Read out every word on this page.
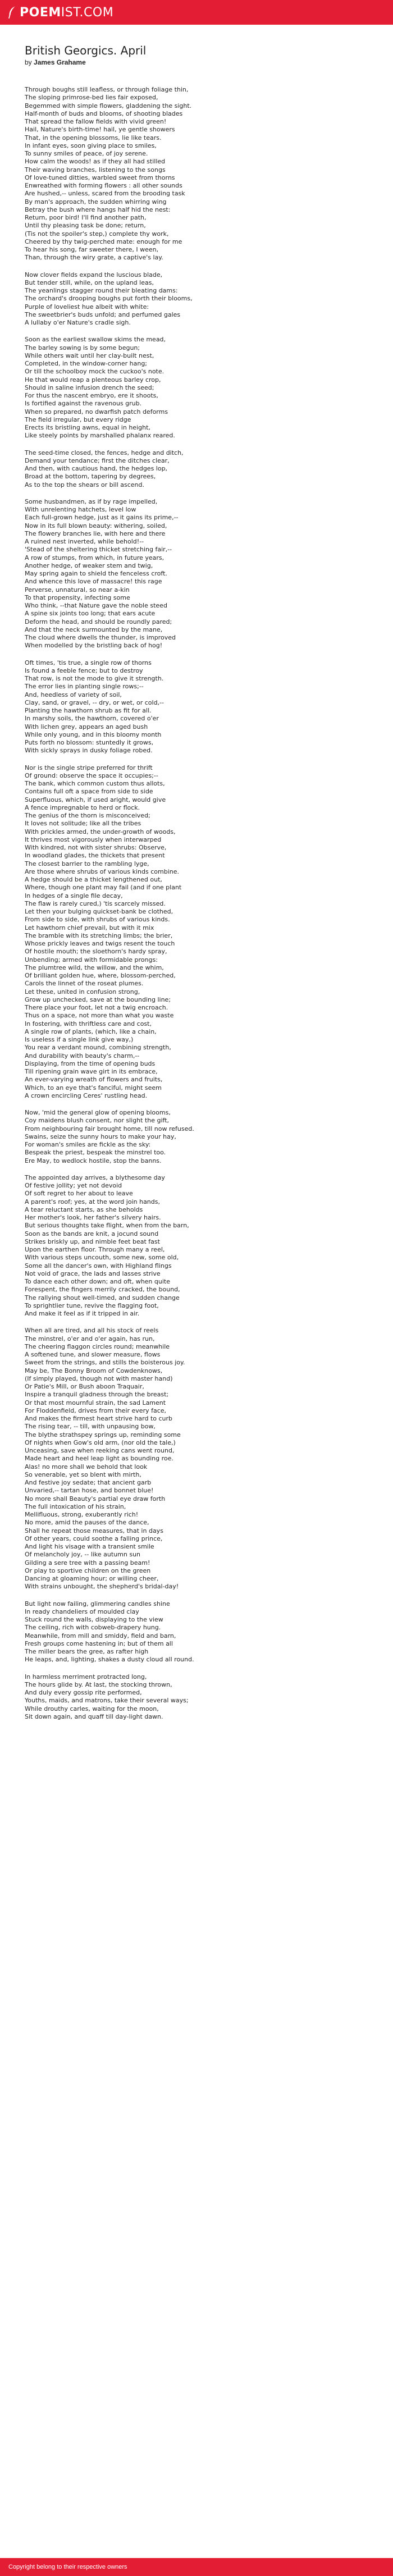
POEMIST.COM
British Georgics. April

by James Grahame

Through boughs still leafless, or through foliage thin,
The sloping primrose-bed lies fair exposed,
Begemmed with simple flowers, gladdening the sight.
Half-month of buds and blooms, of shooting blades
That spread the fallow fields with vivid green!
Hail, Nature's birth-time! hail, ye gentle showers
That, in the opening blossoms, lie like tears.
In infant eyes, soon giving place to smiles,
To sunny smiles of peace, of joy serene.
How calm the woods! as if they all had stilled
Their waving branches, listening to the songs
Of love-tuned ditties, warbled sweet from thorns
Enwreathed with forming flowers : all other sounds
Are hushed,-- unless, scared from the brooding task
By man's approach, the sudden whirring wing
Betray the bush where hangs half hid the nest:
Return, poor bird! I'll find another path,
Until thy pleasing task be done; return,
(Tis not the spoiler's step,) complete thy work,
Cheered by thy twig-perched mate: enough for me
To hear his song, far sweeter there, I ween,
Than, through the wiry grate, a captive's lay.
Now clover fields expand the luscious blade,
But tender still, while, on the upland leas,
The yeanlings stagger round their bleating dams:
The orchard's drooping boughs put forth their blooms,
Purple of loveliest hue albeit with white:
The sweetbrier's buds unfold; and perfumed gales
A lullaby o'er Nature's cradle sigh.
Soon as the earliest swallow skims the mead,
The barley sowing is by some begun;
While others wait until her clay-built nest,
Completed, in the window-corner hang;
Or till the schoolboy mock the cuckoo's note.
He that would reap a plenteous barley crop,
Should in saline infusion drench the seed;
For thus the nascent embryo, ere it shoots,
Is fortified against the ravenous grub.
When so prepared, no dwarfish patch deforms
The field irregular, but every ridge
Erects its bristling awns, equal in height,
Like steely points by marshalled phalanx reared.
The seed-time closed, the fences, hedge and ditch,
Demand your tendance; first the ditches clear,
And then, with cautious hand, the hedges lop,
Broad at the bottom, tapering by degrees,
As to the top the shears or bill ascend.
Some husbandmen, as if by rage impelled,
With unrelenting hatchets, level low
Each full-grown hedge, just as it gains its prime,--
Now in its full blown beauty: withering, soiled,
The flowery branches lie, with here and there
A ruined nest inverted, while behold!--
'Stead of the sheltering thicket stretching fair,--
A row of stumps, from which, in future years,
Another hedge, of weaker stem and twig,
May spring again to shield the fenceless croft.
And whence this love of massacre! this rage
Perverse, unnatural, so near a-kin
To that propensity, infecting some
Who think, --that Nature gave the noble steed
A spine six joints too long; that ears acute
Deform the head, and should be roundly pared;
And that the neck surmounted by the mane,
The cloud where dwells the thunder, is improved
When modelled by the bristling back of hog!
Oft times, 'tis true, a single row of thorns
Is found a feeble fence; but to destroy
That row, is not the mode to give it strength.
The error lies in planting single rows;--
And, heedless of variety of soil,
Clay, sand, or gravel, -- dry, or wet, or cold,--
Planting the hawthorn shrub as fit for all.
In marshy soils, the hawthorn, covered o'er
With lichen grey, appears an aged bush
While only young, and in this bloomy month
Puts forth no blossom: stuntedly it grows,
With sickly sprays in dusky foliage robed.
Nor is the single stripe preferred for thrift
Of ground: observe the space it occupies;--
The bank, which common custom thus allots,
Contains full oft a space from side to side
Superfluous, which, if used aright, would give
A fence impregnable to herd or flock.
The genius of the thorn is misconceived;
It loves not solitude; like all the tribes
With prickles armed, the under-growth of woods,
It thrives most vigorously when interwarped
With kindred, not with sister shrubs: Observe,
In woodland glades, the thickets that present
The closest barrier to the rambling lyge,
Are those where shrubs of various kinds combine.
A hedge should be a thicket lengthened out,
Where, though one plant may fail (and if one plant
In hedges of a single file decay,
The flaw is rarely cured,) 'tis scarcely missed.
Let then your bulging quickset-bank be clothed,
From side to side, with shrubs of various kinds.
Let hawthorn chief prevail, but with it mix
The bramble with its stretching limbs; the brier,
Whose prickly leaves and twigs resent the touch
Of hostile mouth; the sloethorn's hardy spray,
Unbending; armed with formidable prongs:
The plumtree wild, the willow, and the whim,
Of brilliant golden hue, where, blossom-perched,
Carols the linnet of the roseat plumes.
Let these, united in confusion strong,
Grow up unchecked, save at the bounding line;
There place your foot, let not a twig encroach.
Thus on a space, not more than what you waste
In fostering, with thriftless care and cost,
A single row of plants, (which, like a chain,
Is useless if a single link give way,)
You rear a verdant mound, combining strength,
And durability with beauty's charm,--
Displaying, from the time of opening buds
Till ripening grain wave girt in its embrace,
An ever-varying wreath of flowers and fruits,
Which, to an eye that's fanciful, might seem
A crown encircling Ceres' rustling head.
Now, 'mid the general glow of opening blooms,
Coy maidens blush consent, nor slight the gift,
From neighbouring fair brought home, till now refused.
Swains, seize the sunny hours to make your hay,
For woman's smiles are fickle as the sky:
Bespeak the priest, bespeak the minstrel too.
Ere May, to wedlock hostile, stop the banns.
The appointed day arrives, a blythesome day
Of festive jollity; yet not devoid
Of soft regret to her about to leave
A parent's roof; yes, at the word join hands,
A tear reluctant starts, as she beholds
Her mother's look, her father's silvery hairs.
But serious thoughts take flight, when from the barn,
Soon as the bands are knit, a jocund sound
Strikes briskly up, and nimble feet beat fast
Upon the earthen floor. Through many a reel,
With various steps uncouth, some new, some old,
Some all the dancer's own, with Highland flings
Not void of grace, the lads and lasses strive
To dance each other down; and oft, when quite
Forespent, the fingers merrily cracked, the bound,
The rallying shout well-timed, and sudden change
To sprightlier tune, revive the flagging foot,
And make it feel as if it tripped in air.
When all are tired, and all his stock of reels
The minstrel, o'er and o'er again, has run,
The cheering flaggon circles round; meanwhile
A softened tune, and slower measure, flows
Sweet from the strings, and stills the boisterous joy.
May be, The Bonny Broom of Cowdenknows,
(If simply played, though not with master hand)
Or Patie's Mill, or Bush aboon Traquair,
Inspire a tranquil gladness through the breast;
Or that most mournful strain, the sad Lament
For Floddenfield, drives from their every face,
And makes the firmest heart strive hard to curb
The rising tear, -- till, with unpausing bow,
The blythe strathspey springs up, reminding some
Of nights when Gow's old arm, (nor old the tale,)
Unceasing, save when reeking cans went round,
Made heart and heel leap light as bounding roe.
Alas! no more shall we behold that look
So venerable, yet so blent with mirth,
And festive joy sedate; that ancient garb
Unvaried,-- tartan hose, and bonnet blue!
No more shall Beauty's partial eye draw forth
The full intoxication of his strain,
Mellifluous, strong, exuberantly rich!
No more, amid the pauses of the dance,
Shall he repeat those measures, that in days
Of other years, could soothe a falling prince,
And light his visage with a transient smile
Of melancholy joy, -- like autumn sun
Gilding a sere tree with a passing beam!
Or play to sportive children on the green
Dancing at gloaming hour; or willing cheer,
With strains unbought, the shepherd's bridal-day!
But light now failing, glimmering candles shine
In ready chandeliers of moulded clay
Stuck round the walls, displaying to the view
The ceiling, rich with cobweb-drapery hung.
Meanwhile, from mill and smiddy, field and barn,
Fresh groups come hastening in; but of them all
The miller bears the gree, as rafter high
He leaps, and, lighting, shakes a dusty cloud all round.
In harmless merriment protracted long,
The hours glide by. At last, the stocking thrown,
And duly every gossip rite performed,
Youths, maids, and matrons, take their several ways;
While drouthy carles, waiting for the moon,
Sit down again, and quaff till day-light dawn.
Copyright belong to their respective owners
